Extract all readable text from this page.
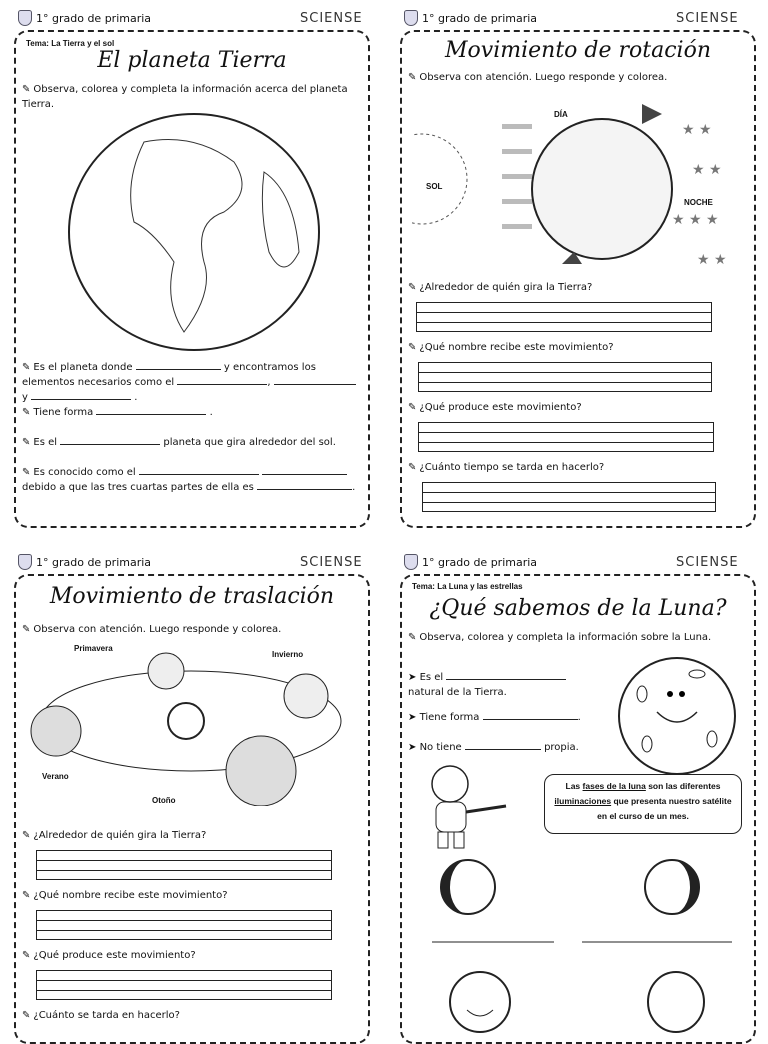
1° grado de primaria	SCIENSE	1° grado de primaria	SCIENSE
1° grado de primaria	SCIENSE	1° grado de primaria	SCIENSE
Tema: La Tierra y el sol
El planeta Tierra
✎ Observa, colorea y completa la información acerca del planeta Tierra.
✎ Es el planeta donde	y encontramos los elementos necesarios como el	,
y	.
✎ Tiene forma	.
✎ Es el	planeta que gira alrededor del sol.
✎ Es conocido como el
debido a que las tres cuartas partes de ella es	.
Movimiento de rotación
✎ Observa con atención. Luego responde y colorea.
★ ★
★ ★
★ ★ ★
★ ★
SOL
DÍA
NOCHE
✎ ¿Alrededor de quién gira la Tierra?
✎ ¿Qué nombre recibe este movimiento?
✎ ¿Qué produce este movimiento?
✎ ¿Cuánto tiempo se tarda en hacerlo?
Movimiento de traslación
✎ Observa con atención. Luego responde y colorea.
Primavera
Invierno
Verano
Otoño
✎ ¿Alrededor de quién gira la Tierra?
✎ ¿Qué nombre recibe este movimiento?
✎ ¿Qué produce este movimiento?
✎ ¿Cuánto se tarda en hacerlo?
Tema: La Luna y las estrellas
¿Qué sabemos de la Luna?
✎ Observa, colorea y completa la información sobre la Luna.
➤ Es el
natural de la Tierra.
➤ Tiene forma	.
➤ No tiene	propia.
Las fases de la luna son las diferentes iluminaciones que presenta nuestro satélite en el curso de un mes.
